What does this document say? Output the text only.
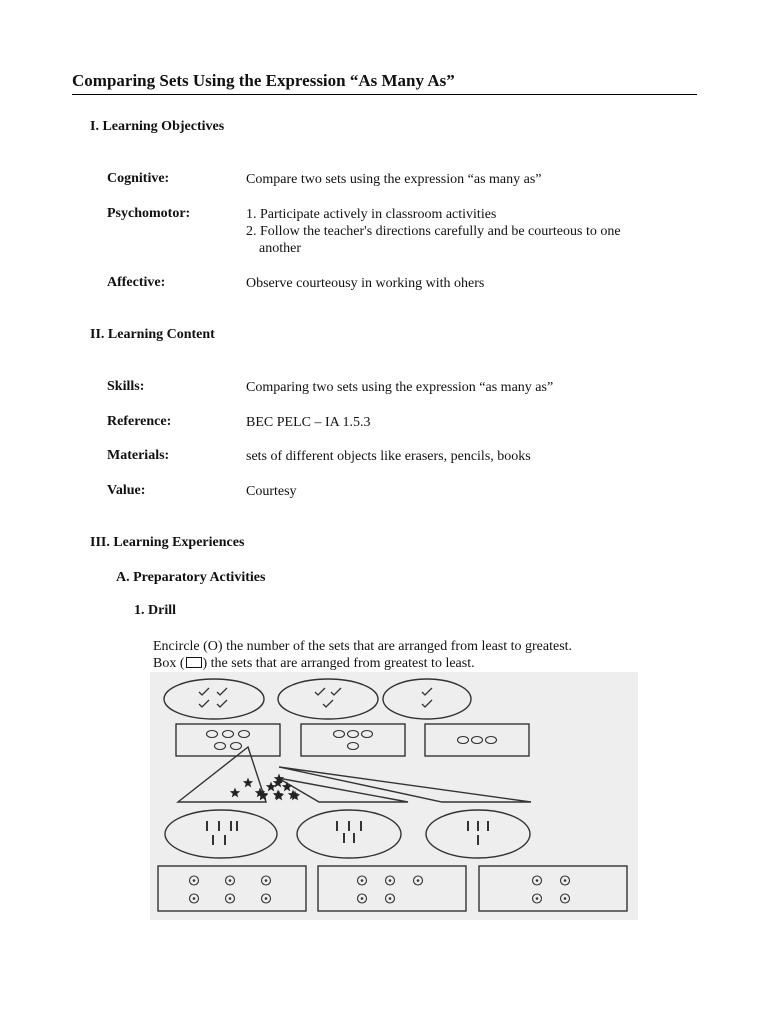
Comparing Sets Using the Expression “As Many As”
I. Learning Objectives
Cognitive:	Compare two sets using the expression “as many as”
Psychomotor:	1. Participate actively in classroom activities
2. Follow the teacher's directions carefully and be courteous to one
another
Affective:	Observe courteousy in working with ohers
II. Learning Content
Skills:	Comparing two sets using the expression “as many as”
Reference:	BEC PELC – IA 1.5.3
Materials:	sets of different objects like erasers, pencils, books
Value:	Courtesy
III. Learning Experiences
A. Preparatory Activities
1. Drill
Encircle (O) the number of the sets that are arranged from least to greatest.
Box ( ) the sets that are arranged from greatest to least.
